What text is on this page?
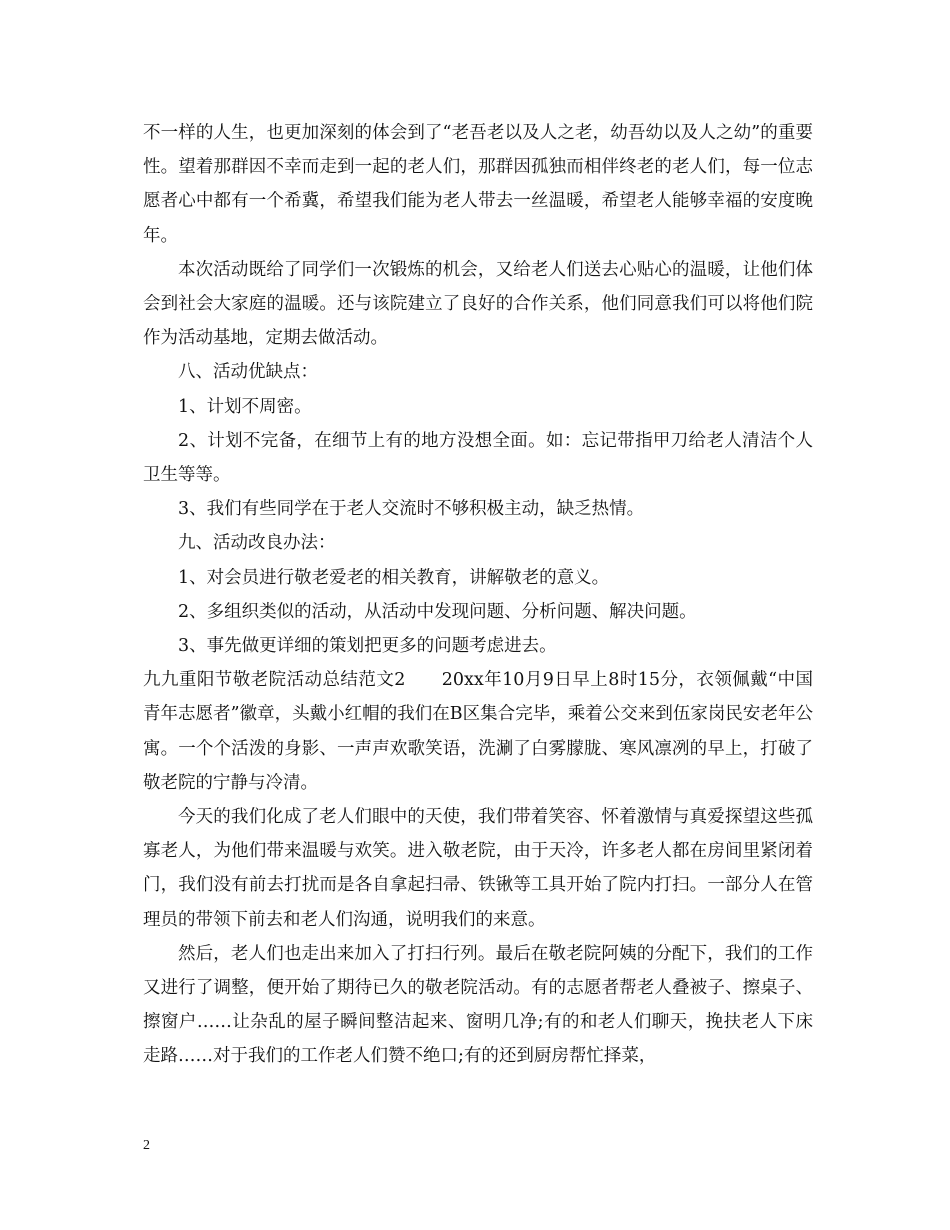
不一样的人生，也更加深刻的体会到了“老吾老以及人之老，幼吾幼以及人之幼”的重要性。望着那群因不幸而走到一起的老人们，那群因孤独而相伴终老的老人们，每一位志愿者心中都有一个希冀，希望我们能为老人带去一丝温暖，希望老人能够幸福的安度晚年。

本次活动既给了同学们一次锻炼的机会，又给老人们送去心贴心的温暖，让他们体会到社会大家庭的温暖。还与该院建立了良好的合作关系，他们同意我们可以将他们院作为活动基地，定期去做活动。

八、活动优缺点：

1、计划不周密。

2、计划不完备，在细节上有的地方没想全面。如：忘记带指甲刀给老人清洁个人卫生等等。

3、我们有些同学在于老人交流时不够积极主动，缺乏热情。

九、活动改良办法：

1、对会员进行敬老爱老的相关教育，讲解敬老的意义。

2、多组织类似的活动，从活动中发现问题、分析问题、解决问题。

3、事先做更详细的策划把更多的问题考虑进去。

九九重阳节敬老院活动总结范文2　　20xx年10月9日早上8时15分，衣领佩戴“中国青年志愿者”徽章，头戴小红帽的我们在B区集合完毕，乘着公交来到伍家岗民安老年公寓。一个个活泼的身影、一声声欢歌笑语，洗涮了白雾朦胧、寒风凛冽的早上，打破了敬老院的宁静与冷清。

今天的我们化成了老人们眼中的天使，我们带着笑容、怀着激情与真爱探望这些孤寡老人，为他们带来温暖与欢笑。进入敬老院，由于天冷，许多老人都在房间里紧闭着门，我们没有前去打扰而是各自拿起扫帚、铁锹等工具开始了院内打扫。一部分人在管理员的带领下前去和老人们沟通，说明我们的来意。

然后，老人们也走出来加入了打扫行列。最后在敬老院阿姨的分配下，我们的工作又进行了调整，便开始了期待已久的敬老院活动。有的志愿者帮老人叠被子、擦桌子、擦窗户……让杂乱的屋子瞬间整洁起来、窗明几净;有的和老人们聊天，挽扶老人下床走路……对于我们的工作老人们赞不绝口;有的还到厨房帮忙择菜，

2
